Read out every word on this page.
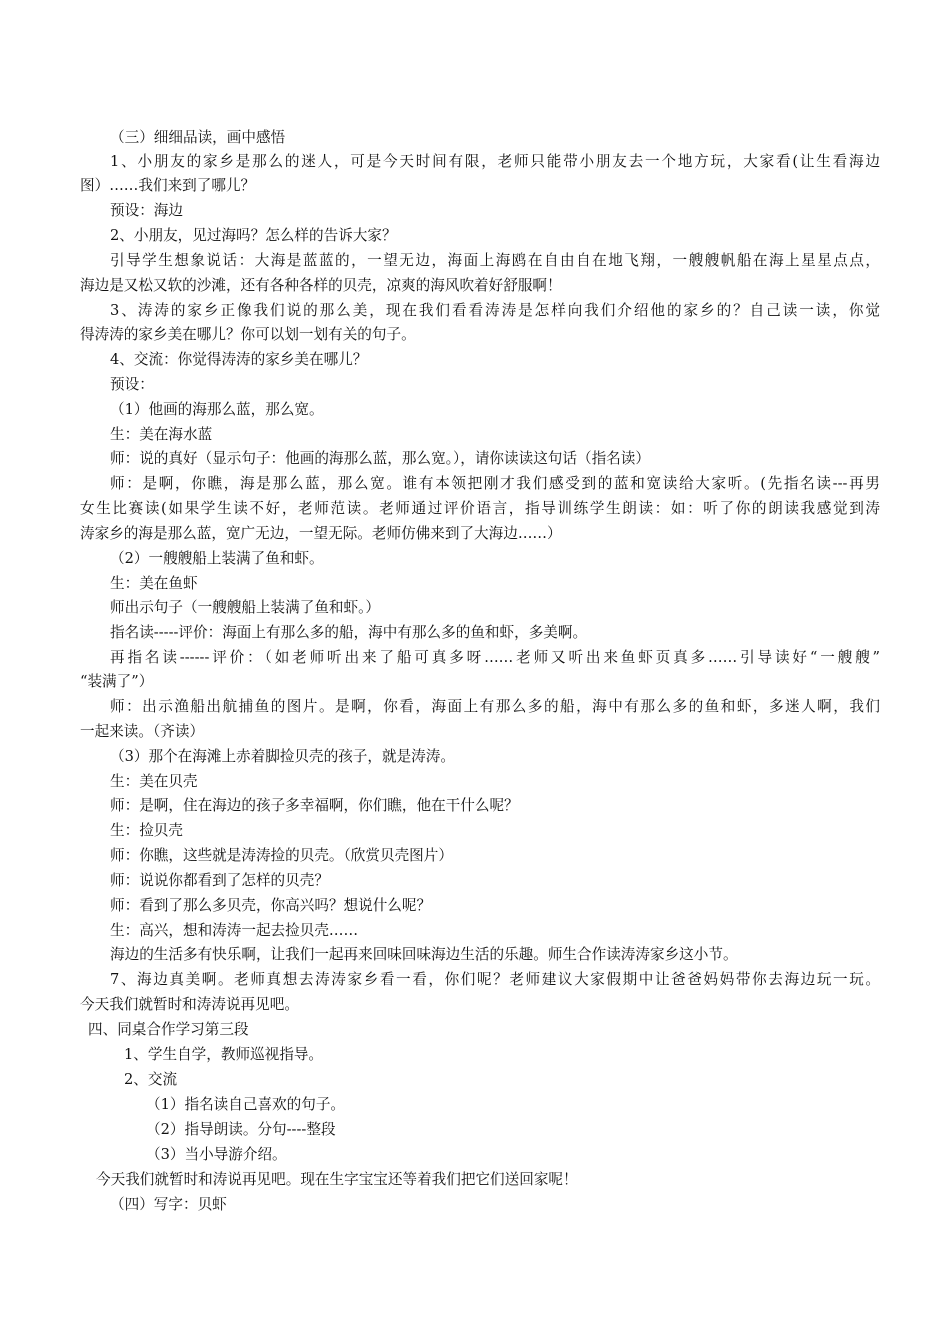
（三）细细品读，画中感悟
1、小朋友的家乡是那么的迷人，可是今天时间有限，老师只能带小朋友去一个地方玩，大家看(让生看海边
图）……我们来到了哪儿？
预设：海边
2、小朋友，见过海吗？怎么样的告诉大家？
引导学生想象说话：大海是蓝蓝的，一望无边，海面上海鸥在自由自在地飞翔，一艘艘帆船在海上星星点点，
海边是又松又软的沙滩，还有各种各样的贝壳，凉爽的海风吹着好舒服啊！
3、涛涛的家乡正像我们说的那么美，现在我们看看涛涛是怎样向我们介绍他的家乡的？自己读一读，你觉
得涛涛的家乡美在哪儿？你可以划一划有关的句子。
4、交流：你觉得涛涛的家乡美在哪儿？
预设：
（1）他画的海那么蓝，那么宽。
生：美在海水蓝
师：说的真好（显示句子：他画的海那么蓝，那么宽。），请你读读这句话（指名读）
师：是啊，你瞧，海是那么蓝，那么宽。谁有本领把刚才我们感受到的蓝和宽读给大家听。(先指名读---再男
女生比赛读(如果学生读不好，老师范读。老师通过评价语言，指导训练学生朗读：如：听了你的朗读我感觉到涛
涛家乡的海是那么蓝，宽广无边，一望无际。老师仿佛来到了大海边……）
（2）一艘艘船上装满了鱼和虾。
生：美在鱼虾
师出示句子（一艘艘船上装满了鱼和虾。）
指名读-----评价：海面上有那么多的船，海中有那么多的鱼和虾，多美啊。
再指名读------评价：（如老师听出来了船可真多呀……老师又听出来鱼虾页真多……引导读好“一艘艘”
“装满了”）
师：出示渔船出航捕鱼的图片。是啊，你看，海面上有那么多的船，海中有那么多的鱼和虾，多迷人啊，我们
一起来读。（齐读）
（3）那个在海滩上赤着脚捡贝壳的孩子，就是涛涛。
生：美在贝壳
师：是啊，住在海边的孩子多幸福啊，你们瞧，他在干什么呢？
生：捡贝壳
师：你瞧，这些就是涛涛捡的贝壳。（欣赏贝壳图片）
师：说说你都看到了怎样的贝壳？
师：看到了那么多贝壳，你高兴吗？想说什么呢？
生：高兴，想和涛涛一起去捡贝壳……
海边的生活多有快乐啊，让我们一起再来回味回味海边生活的乐趣。师生合作读涛涛家乡这小节。
7、海边真美啊。老师真想去涛涛家乡看一看，你们呢？老师建议大家假期中让爸爸妈妈带你去海边玩一玩。
今天我们就暂时和涛涛说再见吧。
四、同桌合作学习第三段
1、学生自学，教师巡视指导。
2、交流
（1）指名读自己喜欢的句子。
（2）指导朗读。分句----整段
（3）当小导游介绍。
今天我们就暂时和涛说再见吧。现在生字宝宝还等着我们把它们送回家呢！
（四）写字：贝虾
